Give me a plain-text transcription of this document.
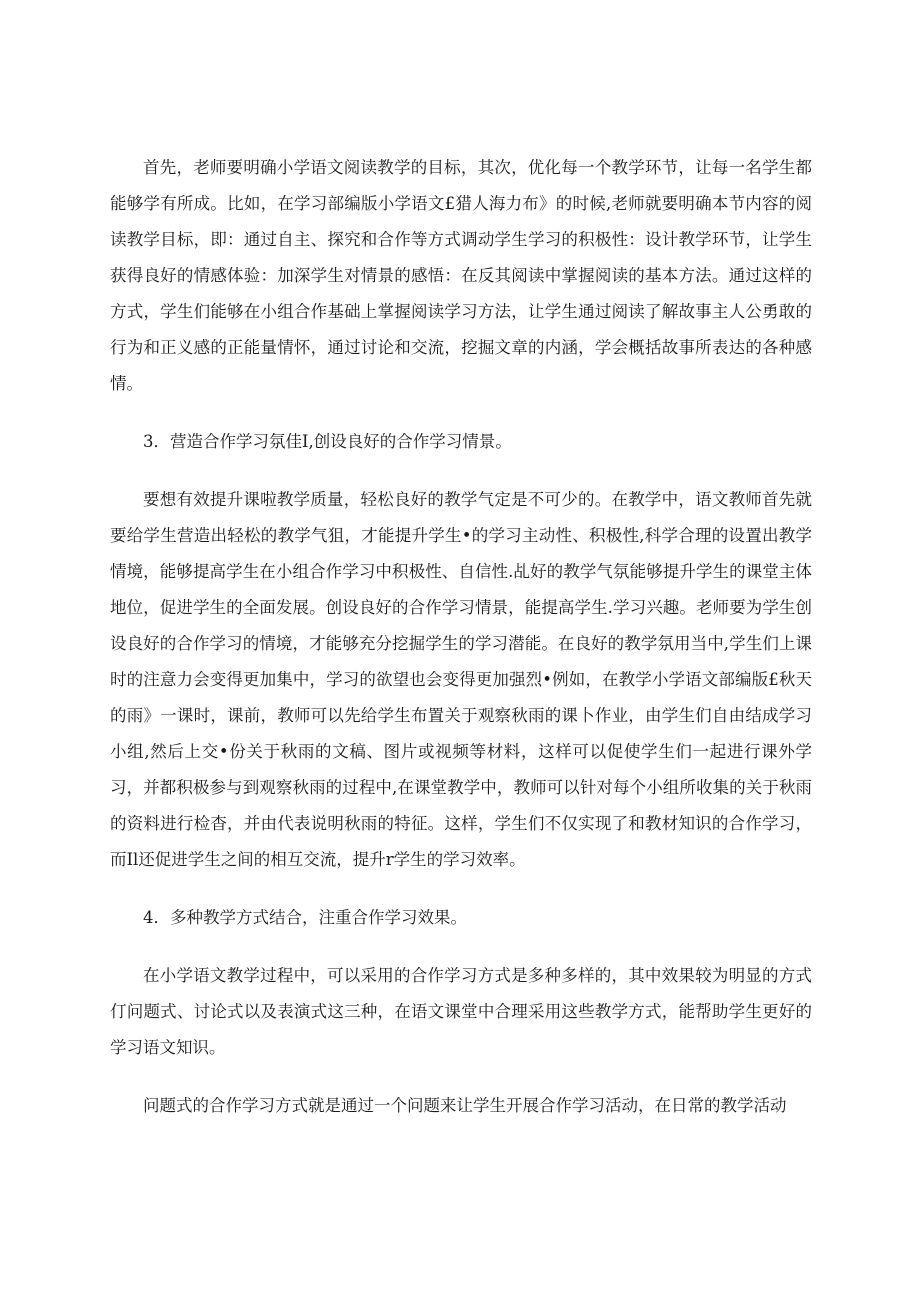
首先，老师要明确小学语文阅读教学的目标，其次，优化每一个教学环节，让每一名学生都能够学有所成。比如，在学习部编版小学语文£猎人海力布》的时候,老师就要明确本节内容的阅读教学目标，即：通过自主、探究和合作等方式调动学生学习的积极性：设计教学环节，让学生获得良好的情感体验：加深学生对情景的感悟：在反其阅读中掌握阅读的基本方法。通过这样的方式，学生们能够在小组合作基础上掌握阅读学习方法，让学生通过阅读了解故事主人公勇敢的行为和正义感的正能量情怀，通过讨论和交流，挖掘文章的内涵，学会概括故事所表达的各种感情。

3．营造合作学习氛佳I,创设良好的合作学习情景。

要想有效提升课啦教学质量，轻松良好的教学气定是不可少的。在教学中，语文教师首先就要给学生营造出轻松的教学气狙，才能提升学生•的学习主动性、积极性,科学合理的设置出教学情境，能够提高学生在小组合作学习中积极性、自信性.乩好的教学气氛能够提升学生的课堂主体地位，促进学生的全面发展。创设良好的合作学习情景，能提高学生.学习兴趣。老师要为学生创设良好的合作学习的情境，才能够充分挖掘学生的学习潜能。在良好的教学氛用当中,学生们上课时的注意力会变得更加集中，学习的欲望也会变得更加强烈•例如，在教学小学语文部编版£秋天的雨》一课时，课前，教师可以先给学生布置关于观察秋雨的课卜作业，由学生们自由结成学习小组,然后上交•份关于秋雨的文稿、图片或视频等材料，这样可以促使学生们一起进行课外学习，并都积极参与到观察秋雨的过程中,在课堂教学中，教师可以针对每个小组所收集的关于秋雨的资料进行检杳，并由代表说明秋雨的特征。这样，学生们不仅实现了和教材知识的合作学习，而Il还促进学生之间的相互交流，提升r学生的学习效率。

4．多种教学方式结合，注重合作学习效果。

在小学语文教学过程中，可以采用的合作学习方式是多种多样的，其中效果较为明显的方式仃问题式、讨论式以及表演式这三种，在语文课堂中合理采用这些教学方式，能帮助学生更好的学习语文知识。

问题式的合作学习方式就是通过一个问题来让学生开展合作学习活动，在日常的教学活动
